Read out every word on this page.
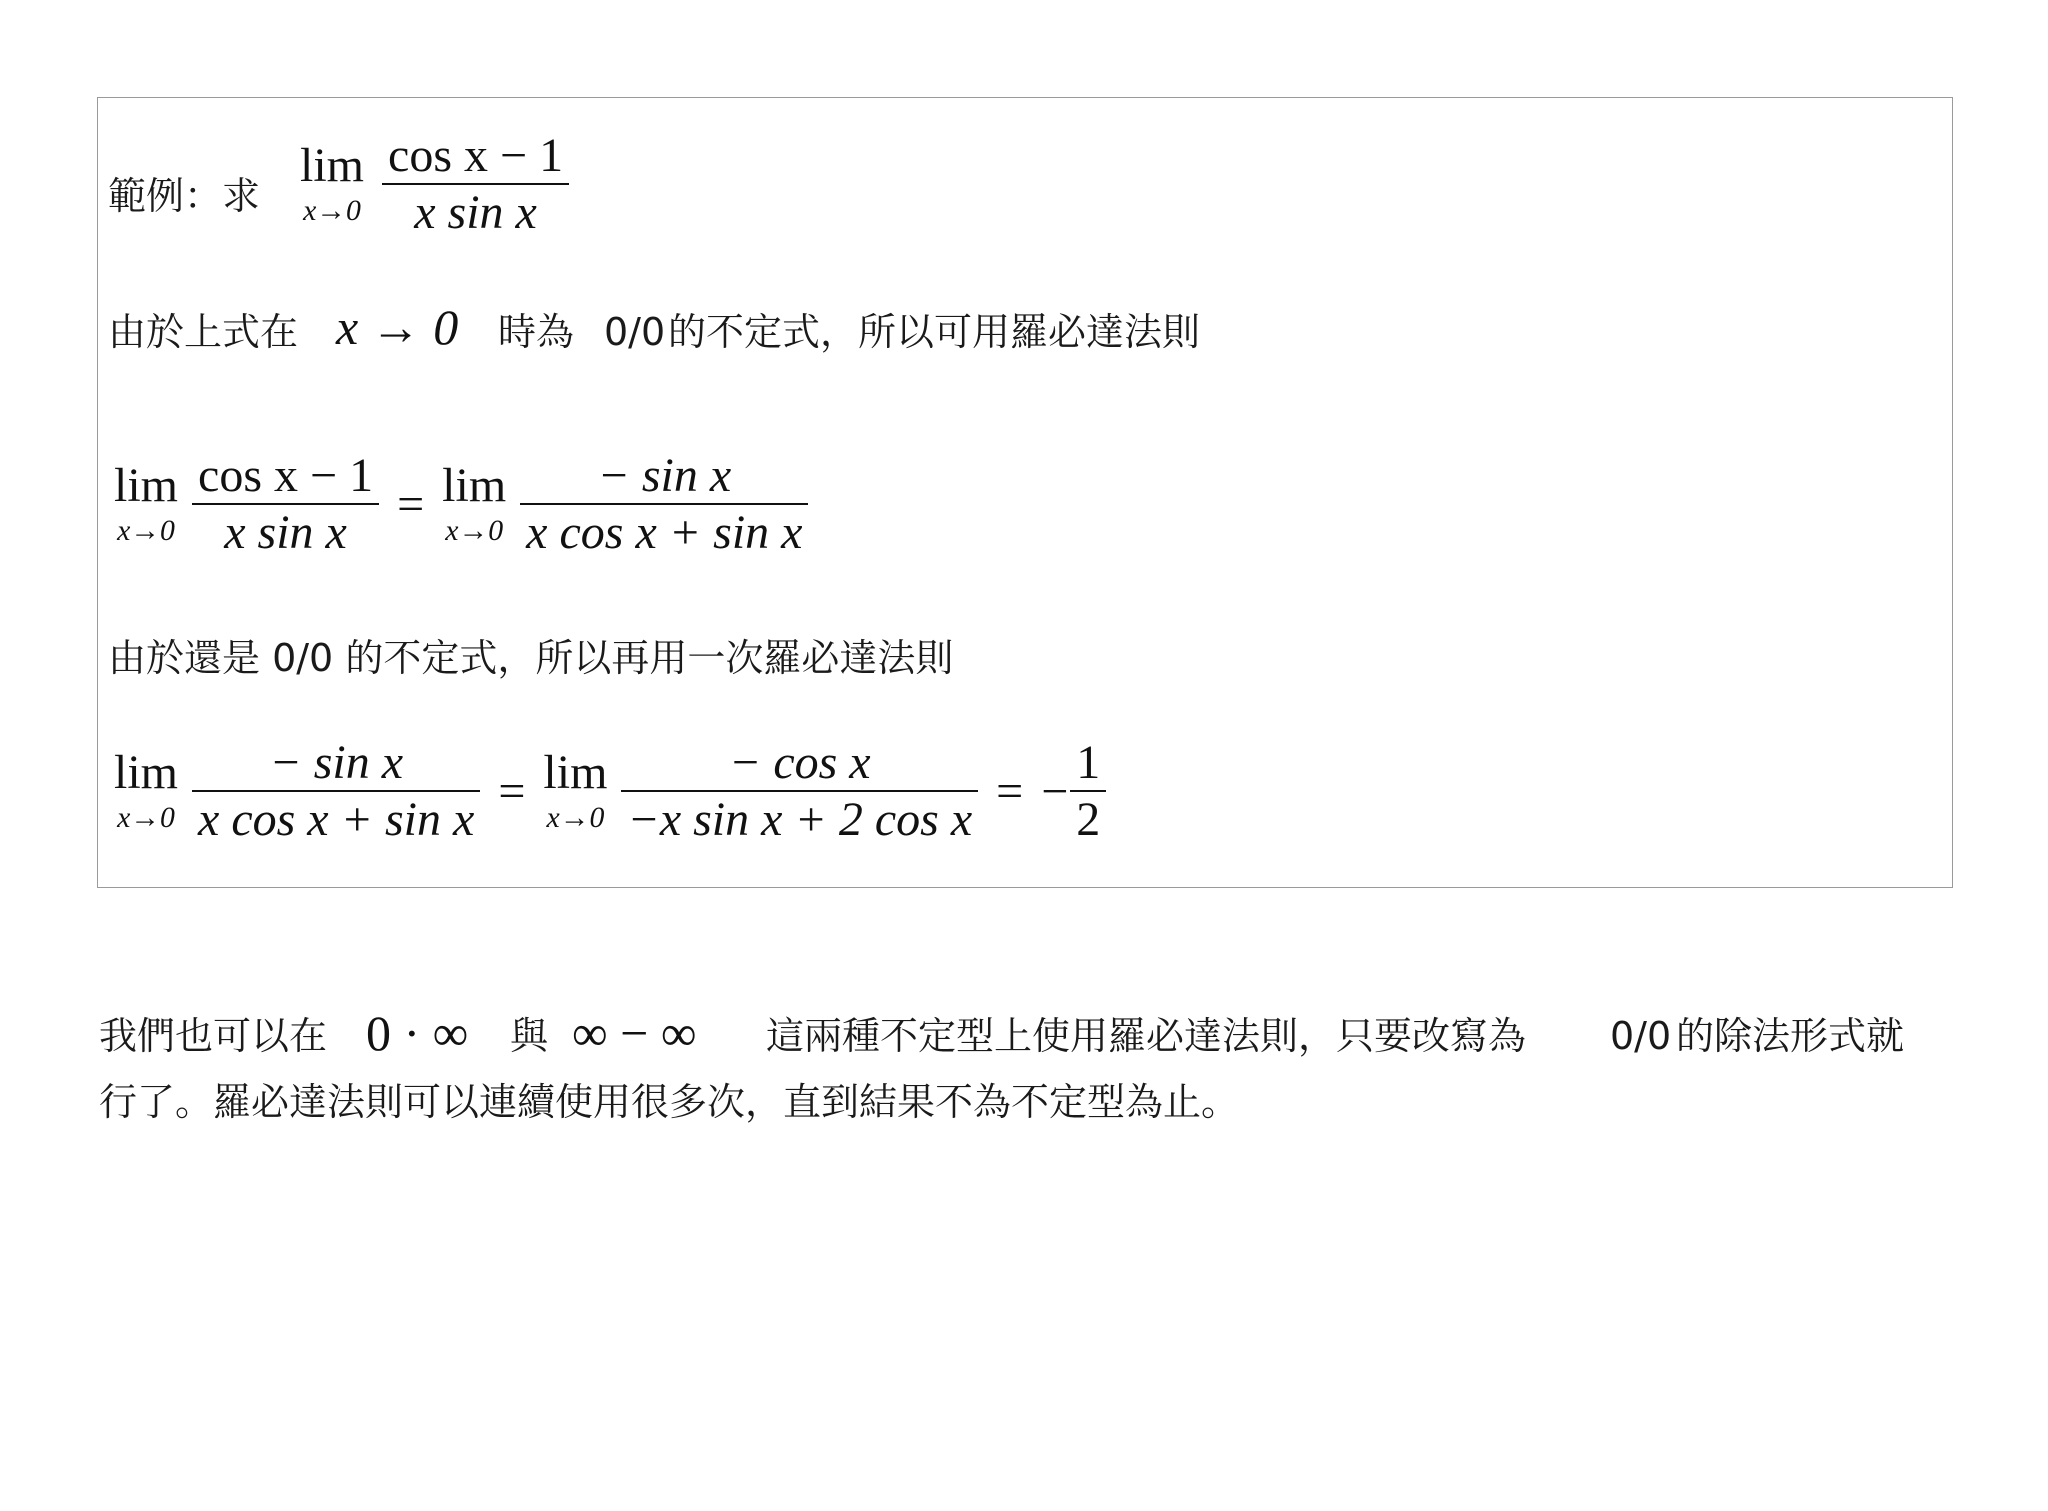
範例：求
lim
$x\to 0 \frac{\text{cos x − 1}}{\text{x sin x}}$
由於上式在 x → 0 時為 0/0 的不定式，所以可用羅必達法則
lim
$x\to 0 \frac{\text{cos x − 1}}{\text{x sin x}} = \lim$
$x\to 0 \frac{\text{− sin x}}{\text{x cos x + sin x}}$
由於還是 0/0 的不定式，所以再用一次羅必達法則
lim
$x\to 0 \frac{\text{− sin x}}{\text{x cos x + sin x}} = \lim$
$x\to 0 \frac{\text{− cos x}}{\text{−x sin x + 2 cos x}}$ = − $\frac{1}{2}$
我們也可以在 0 · ∞ 與 ∞ − ∞ 這兩種不定型上使用羅必達法則，只要改寫為 0/0 的除法形式就
行了。羅必達法則可以連續使用很多次，直到結果不為不定型為止。
